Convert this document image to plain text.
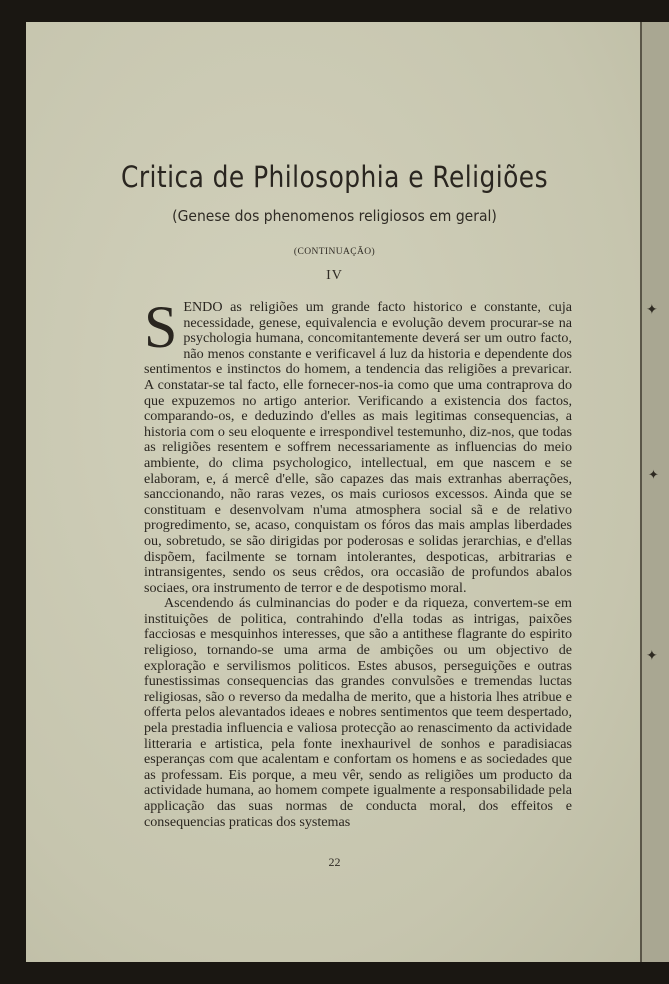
Critica de Philosophia e Religiões
(Genese dos phenomenos religiosos em geral)
(CONTINUAÇÃO)
IV

SENDO as religiões um grande facto historico e constante, cuja necessidade, genese, equivalencia e evolução devem procurar-se na psychologia humana, concomitantemente deverá ser um outro facto, não menos constante e verificavel á luz da historia e dependente dos sentimentos e instinctos do homem, a tendencia das religiões a prevaricar. A constatar-se tal facto, elle fornecer-nos-ia como que uma contraprova do que expuzemos no artigo anterior. Verificando a existencia dos factos, comparando-os, e deduzindo d'elles as mais legitimas consequencias, a historia com o seu eloquente e irrespondivel testemunho, diz-nos, que todas as religiões resentem e soffrem necessariamente as influencias do meio ambiente, do clima psychologico, intellectual, em que nascem e se elaboram, e, á mercê d'elle, são capazes das mais extranhas aberrações, sanccionando, não raras vezes, os mais curiosos excessos. Ainda que se constituam e desenvolvam n'uma atmosphera social sã e de relativo progredimento, se, acaso, conquistam os fóros das mais amplas liberdades ou, sobretudo, se são dirigidas por poderosas e solidas jerarchias, e d'ellas dispõem, facilmente se tornam intolerantes, despoticas, arbitrarias e intransigentes, sendo os seus crêdos, ora occasião de profundos abalos sociaes, ora instrumento de terror e de despotismo moral.

Ascendendo ás culminancias do poder e da riqueza, convertem-se em instituições de politica, contrahindo d'ella todas as intrigas, paixões facciosas e mesquinhos interesses, que são a antithese flagrante do espirito religioso, tornando-se uma arma de ambições ou um objectivo de exploração e servilismos politicos. Estes abusos, perseguições e outras funestissimas consequencias das grandes convulsões e tremendas luctas religiosas, são o reverso da medalha de merito, que a historia lhes atribue e offerta pelos alevantados ideaes e nobres sentimentos que teem despertado, pela prestadia influencia e valiosa protecção ao renascimento da actividade litteraria e artistica, pela fonte inexhaurivel de sonhos e paradisiacas esperanças com que acalentam e confortam os homens e as sociedades que as professam. Eis porque, a meu vêr, sendo as religiões um producto da actividade humana, ao homem compete igualmente a responsabilidade pela applicação das suas normas de conducta moral, dos effeitos e consequencias praticas dos systemas

22
✦
✦
✦
